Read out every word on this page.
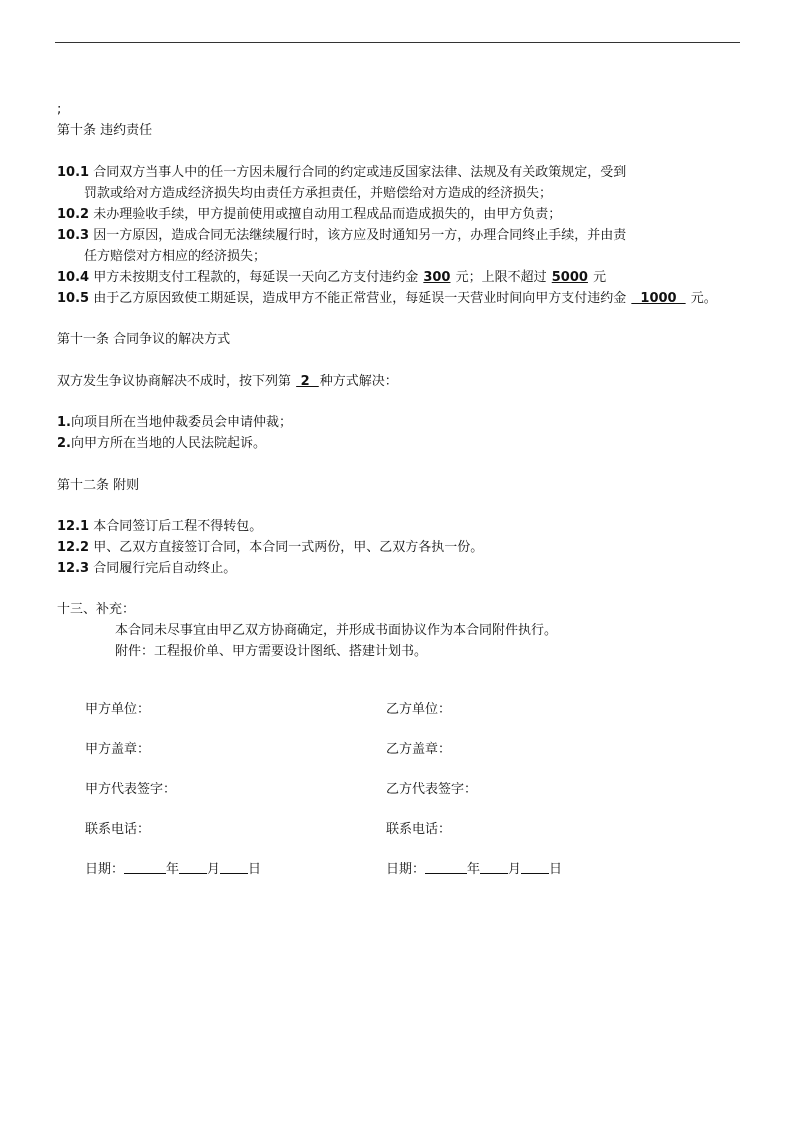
;
第十条 违约责任
10.1 合同双方当事人中的任一方因未履行合同的约定或违反国家法律、法规及有关政策规定，受到
罚款或给对方造成经济损失均由责任方承担责任，并赔偿给对方造成的经济损失；
10.2 未办理验收手续，甲方提前使用或擅自动用工程成品而造成损失的，由甲方负责；
10.3 因一方原因，造成合同无法继续履行时，该方应及时通知另一方，办理合同终止手续，并由责
任方赔偿对方相应的经济损失；
10.4 甲方未按期支付工程款的，每延误一天向乙方支付违约金 300 元；上限不超过 5000 元
10.5 由于乙方原因致使工期延误，造成甲方不能正常营业，每延误一天营业时间向甲方支付违约金   1000   元。
第十一条 合同争议的解决方式
双方发生争议协商解决不成时，按下列第  2  种方式解决：
1.向项目所在当地仲裁委员会申请仲裁；
2.向甲方所在当地的人民法院起诉。
第十二条 附则
12.1 本合同签订后工程不得转包。
12.2 甲、乙双方直接签订合同，本合同一式两份，甲、乙双方各执一份。
12.3 合同履行完后自动终止。
十三、补充：
本合同未尽事宜由甲乙双方协商确定，并形成书面协议作为本合同附件执行。
附件：工程报价单、甲方需要设计图纸、搭建计划书。
甲方单位：	乙方单位：
甲方盖章：	乙方盖章：
甲方代表签字：	乙方代表签字：
联系电话：	联系电话：
日期：	年 月 日	日期：	年 月 日
